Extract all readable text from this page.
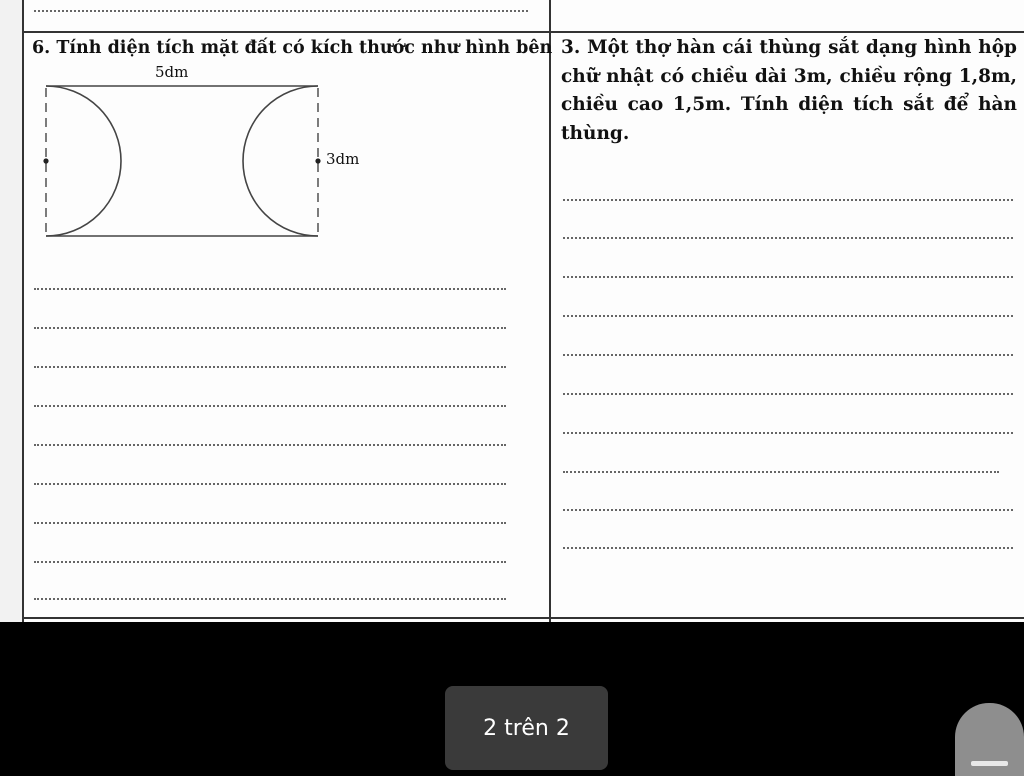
6. Tính diện tích mặt đất có kích thước như hình bên
5dm
3dm
3. Một thợ hàn cái thùng sắt dạng hình hộp chữ nhật có chiều dài 3m, chiều rộng 1,8m, chiều cao 1,5m. Tính diện tích sắt để hàn thùng.
2 trên 2
